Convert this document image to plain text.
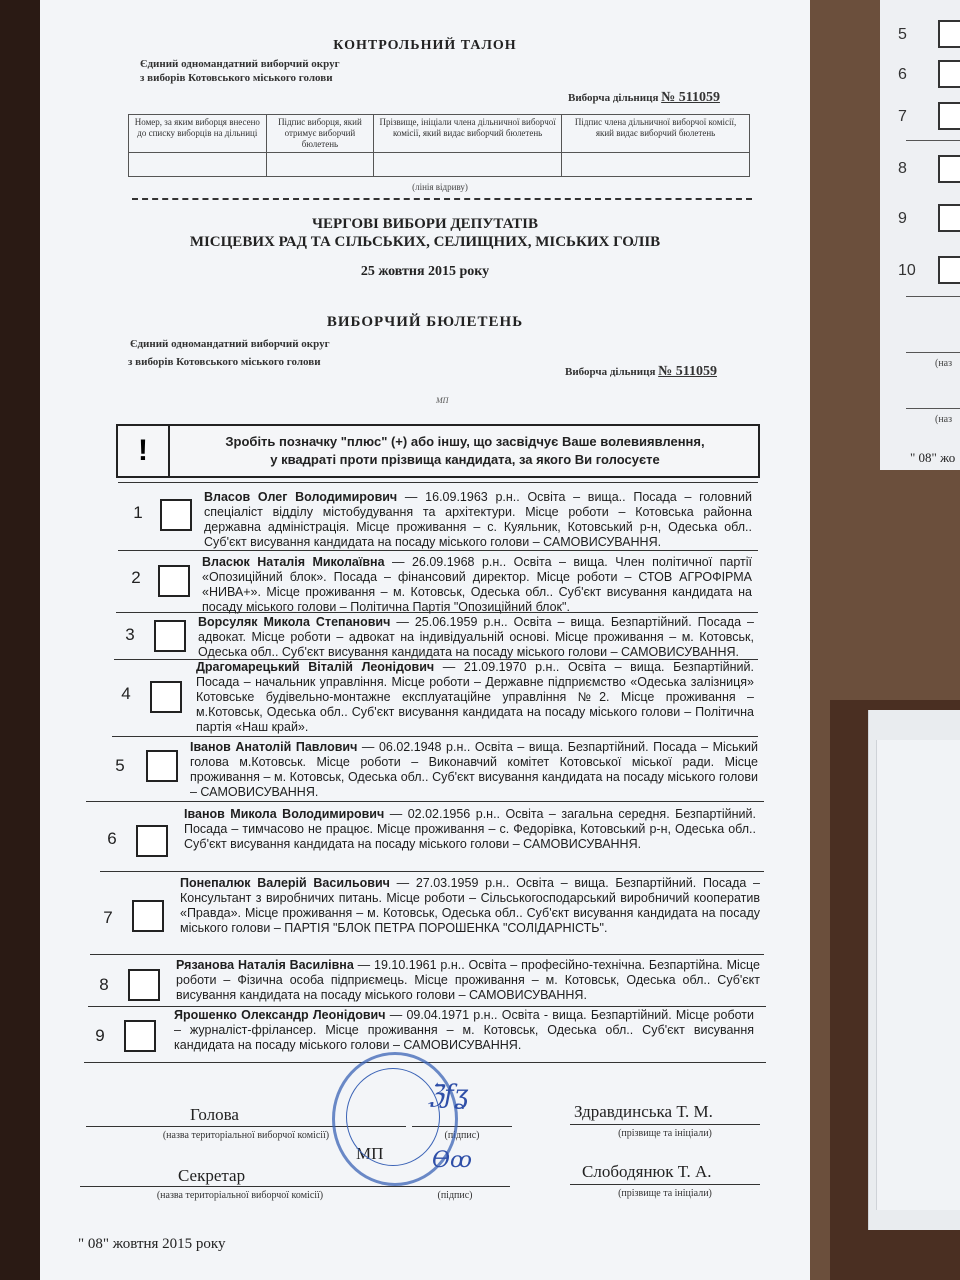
5
6
7
8
9
10
(наз
(наз
" 08" жо
КОНТРОЛЬНИЙ ТАЛОН
Єдиний одномандатний виборчий округ
з виборів Котовського міського голови
Виборча дільниця № 511059
Номер, за яким виборця внесено до списку виборців на дільниці	Підпис виборця, який отримує виборчий бюлетень	Прізвище, ініціали члена дільничної виборчої комісії, який видає виборчий бюлетень	Підпис члена дільничної виборчої комісії, який видає виборчий бюлетень

(лінія відриву)
ЧЕРГОВІ ВИБОРИ ДЕПУТАТІВ
МІСЦЕВИХ РАД ТА СІЛЬСЬКИХ, СЕЛИЩНИХ, МІСЬКИХ ГОЛІВ
25 жовтня 2015 року
ВИБОРЧИЙ БЮЛЕТЕНЬ
Єдиний одномандатний виборчий округ
з виборів Котовського міського голови
Виборча дільниця № 511059
МП
!	Зробіть позначку "плюс" (+) або іншу, що засвідчує Ваше волевиявлення,
у квадраті проти прізвища кандидата, за якого Ви голосуєте
1
Власов Олег Володимирович — 16.09.1963 р.н.. Освіта – вища.. Посада – головний спеціаліст відділу містобудування та архітектури. Місце роботи – Котовська районна державна адміністрація. Місце проживання – с. Куяльник, Котовський р-н, Одеська обл.. Суб'єкт висування кандидата на посаду міського голови – САМОВИСУВАННЯ.
2
Власюк Наталія Миколаївна — 26.09.1968 р.н.. Освіта – вища. Член політичної партії «Опозиційний блок». Посада – фінансовий директор. Місце роботи – СТОВ АГРОФІРМА «НИВА+». Місце проживання – м. Котовськ, Одеська обл.. Суб'єкт висування кандидата на посаду міського голови – Політична Партія "Опозиційний блок".
3
Ворсуляк Микола Степанович — 25.06.1959 р.н.. Освіта – вища. Безпартійний. Посада – адвокат. Місце роботи – адвокат на індивідуальній основі. Місце проживання – м. Котовськ, Одеська обл.. Суб'єкт висування кандидата на посаду міського голови – САМОВИСУВАННЯ.
4
Драгомарецький Віталій Леонідович — 21.09.1970 р.н.. Освіта – вища. Безпартійний. Посада – начальник управління. Місце роботи – Державне підприємство «Одеська залізниця» Котовське будівельно-монтажне експлуатаційне управління №2. Місце проживання – м.Котовськ, Одеська обл.. Суб'єкт висування кандидата на посаду міського голови – Політична партія «Наш край».
5
Іванов Анатолій Павлович — 06.02.1948 р.н.. Освіта – вища. Безпартійний. Посада – Міський голова м.Котовськ. Місце роботи – Виконавчий комітет Котовської міської ради. Місце проживання – м. Котовськ, Одеська обл.. Суб'єкт висування кандидата на посаду міського голови – САМОВИСУВАННЯ.
6
Іванов Микола Володимирович — 02.02.1956 р.н.. Освіта – загальна середня. Безпартійний. Посада – тимчасово не працює. Місце проживання – с. Федорівка, Котовський р-н, Одеська обл.. Суб'єкт висування кандидата на посаду міського голови – САМОВИСУВАННЯ.
7
Понепалюк Валерій Васильович — 27.03.1959 р.н.. Освіта – вища. Безпартійний. Посада – Консультант з виробничих питань. Місце роботи – Сільськогосподарський виробничий кооператив «Правда». Місце проживання – м. Котовськ, Одеська обл.. Суб'єкт висування кандидата на посаду міського голови – ПАРТІЯ "БЛОК ПЕТРА ПОРОШЕНКА "СОЛІДАРНІСТЬ".
8
Рязанова Наталія Василівна — 19.10.1961 р.н.. Освіта – професійно-технічна. Безпартійна. Місце роботи – Фізична особа підприємець. Місце проживання – м. Котовськ, Одеська обл.. Суб'єкт висування кандидата на посаду міського голови – САМОВИСУВАННЯ.
9
Ярошенко Олександр Леонідович — 09.04.1971 р.н.. Освіта - вища. Безпартійний. Місце роботи – журналіст-фрілансер. Місце проживання – м. Котовськ, Одеська обл.. Суб'єкт висування кандидата на посаду міського голови – САМОВИСУВАННЯ.
Голова
(назва територіальної виборчої комісії)	(підпис)
Здравдинська Т. М.
(прізвище та ініціали)
МП
Секретар
(назва територіальної виборчої комісії)	(підпис)
Слободянюк Т. А.
(прізвище та ініціали)
" 08" жовтня 2015 року
ℨƒʓ
Ѳꝏ
